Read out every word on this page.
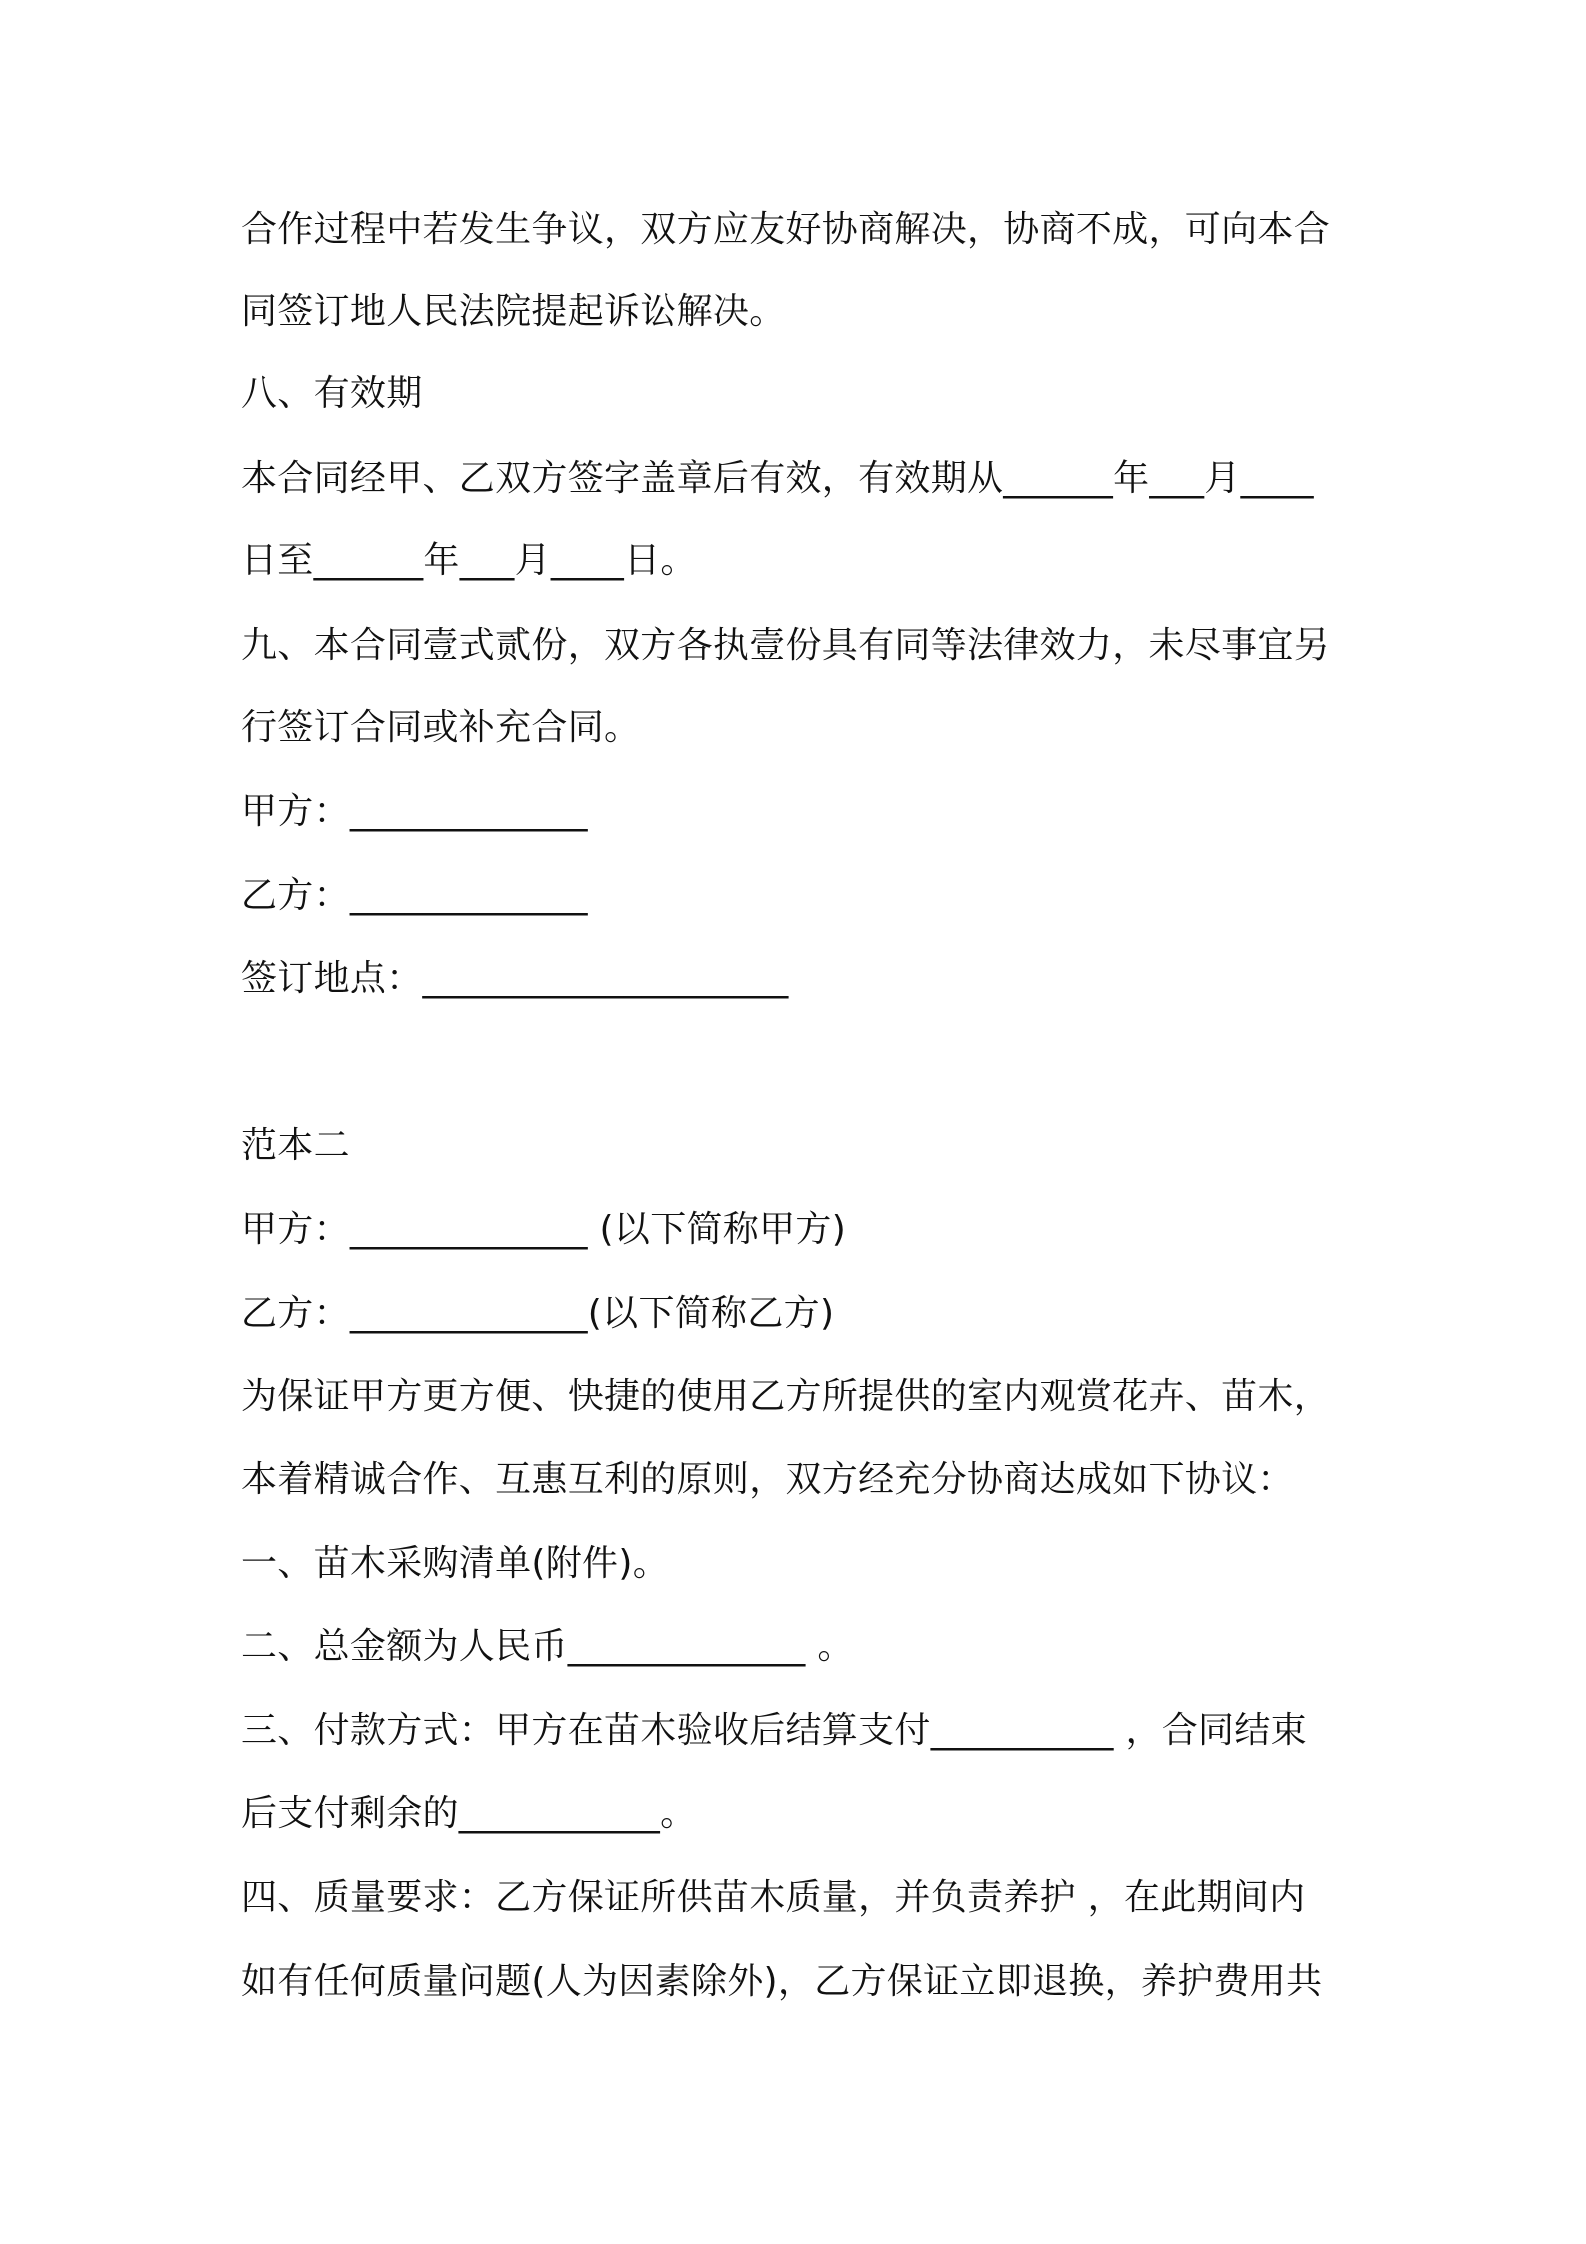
合作过程中若发生争议，双方应友好协商解决，协商不成，可向本合
同签订地人民法院提起诉讼解决。
八、有效期
本合同经甲、乙双方签字盖章后有效，有效期从______年___月____
日至______年___月____日。
九、本合同壹式贰份，双方各执壹份具有同等法律效力，未尽事宜另
行签订合同或补充合同。
甲方：_____________
乙方：_____________
签订地点：____________________
范本二
甲方：_____________ (以下简称甲方)
乙方：_____________(以下简称乙方)
为保证甲方更方便、快捷的使用乙方所提供的室内观赏花卉、苗木，
本着精诚合作、互惠互利的原则，双方经充分协商达成如下协议：
一、苗木采购清单(附件)。
二、总金额为人民币_____________ 。
三、付款方式：甲方在苗木验收后结算支付__________ ，合同结束
后支付剩余的___________。
四、质量要求：乙方保证所供苗木质量，并负责养护 ，在此期间内
如有任何质量问题(人为因素除外)，乙方保证立即退换，养护费用共
